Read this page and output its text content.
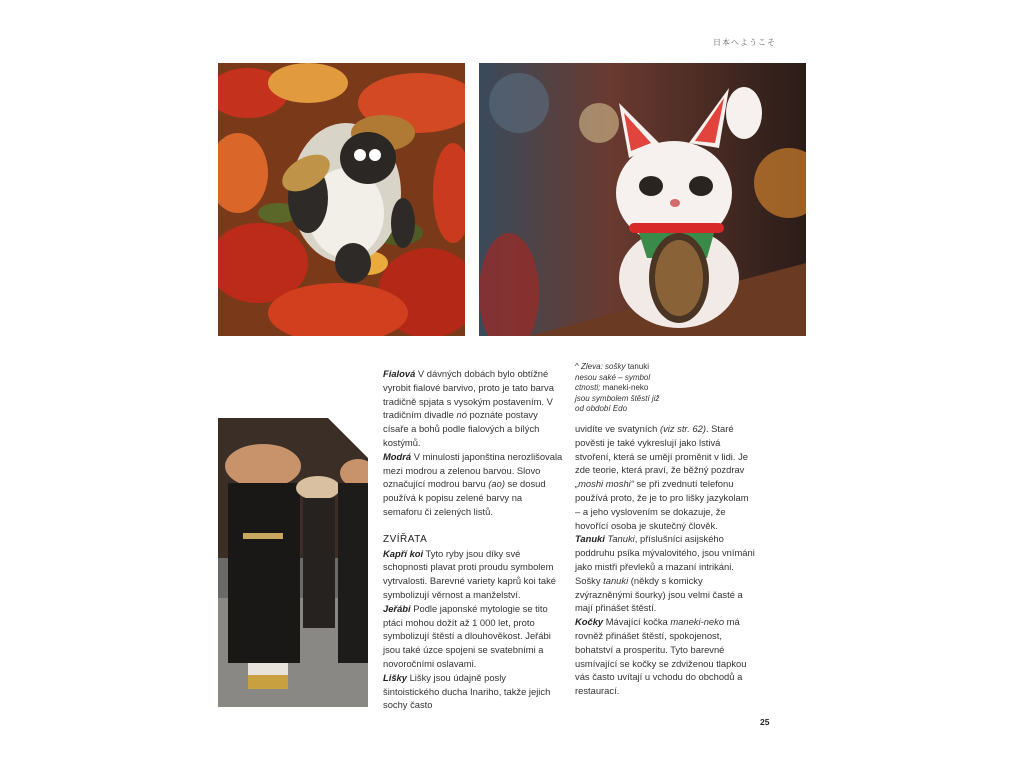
日本へようこそ
^ Zleva: sošky tanuki
nesou saké – symbol
ctnosti; maneki-neko
jsou symbolem štěstí již
od období Edo

Fialová V dávných dobách bylo obtížné vyrobit fialové barvivo, proto je tato barva tradičně spjata s vysokým postavením. V tradičním divadle nó poznáte postavy císaře a bohů podle fialových a bílých kostýmů.

Modrá V minulosti japonština nerozlišovala mezi modrou a zelenou barvou. Slovo označující modrou barvu (ao) se dosud používá k popisu zelené barvy na semaforu či zelených listů.

ZVÍŘATA

Kapří koi Tyto ryby jsou díky své schopnosti plavat proti proudu symbolem vytrvalosti. Barevné variety kaprů koi také symbolizují věrnost a manželství.

Jeřábi Podle japonské mytologie se tito ptáci mohou dožít až 1 000 let, proto symbolizují štěstí a dlouhověkost. Jeřábi jsou také úzce spojeni se svatebními a novoročními oslavami.

Lišky Lišky jsou údajně posly šintoistického ducha Inariho, takže jejich sochy často

uvidíte ve svatyních (viz str. 62). Staré pověsti je také vykreslují jako lstivá stvoření, která se umějí proměnit v lidi. Je zde teorie, která praví, že běžný pozdrav „moshi moshi“ se při zvednutí telefonu používá proto, že je to pro lišky jazykolam – a jeho vyslovením se dokazuje, že hovořící osoba je skutečný člověk.

Tanuki Tanuki, příslušníci asijského poddruhu psíka mývalovitého, jsou vnímáni jako mistři převleků a mazaní intrikáni. Sošky tanuki (někdy s komicky zvýrazněnými šourky) jsou velmi časté a mají přinášet štěstí.

Kočky Mávající kočka maneki-neko má rovněž přinášet štěstí, spokojenost, bohatství a prosperitu. Tyto barevné usmívající se kočky se zdviženou tlapkou vás často uvítají u vchodu do obchodů a restaurací.

25
